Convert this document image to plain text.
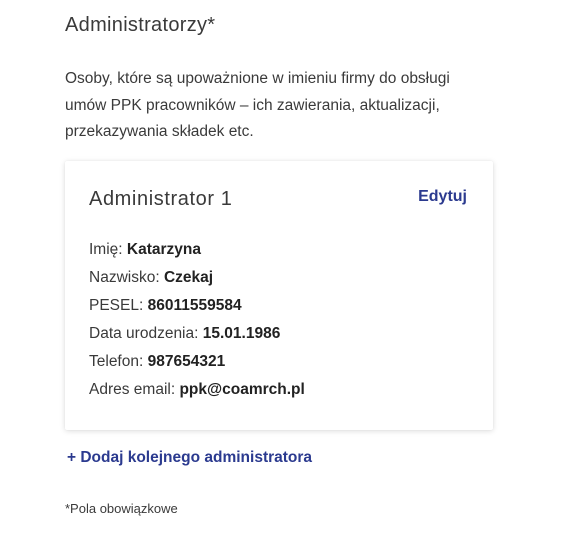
Administratorzy*
Osoby, które są upoważnione w imieniu firmy do obsługi umów PPK pracowników – ich zawierania, aktualizacji, przekazywania składek etc.
Administrator 1	Edytuj
Imię: Katarzyna
Nazwisko: Czekaj
PESEL: 86011559584
Data urodzenia: 15.01.1986
Telefon: 987654321
Adres email: ppk@coamrch.pl
+ Dodaj kolejnego administratora
*Pola obowiązkowe
